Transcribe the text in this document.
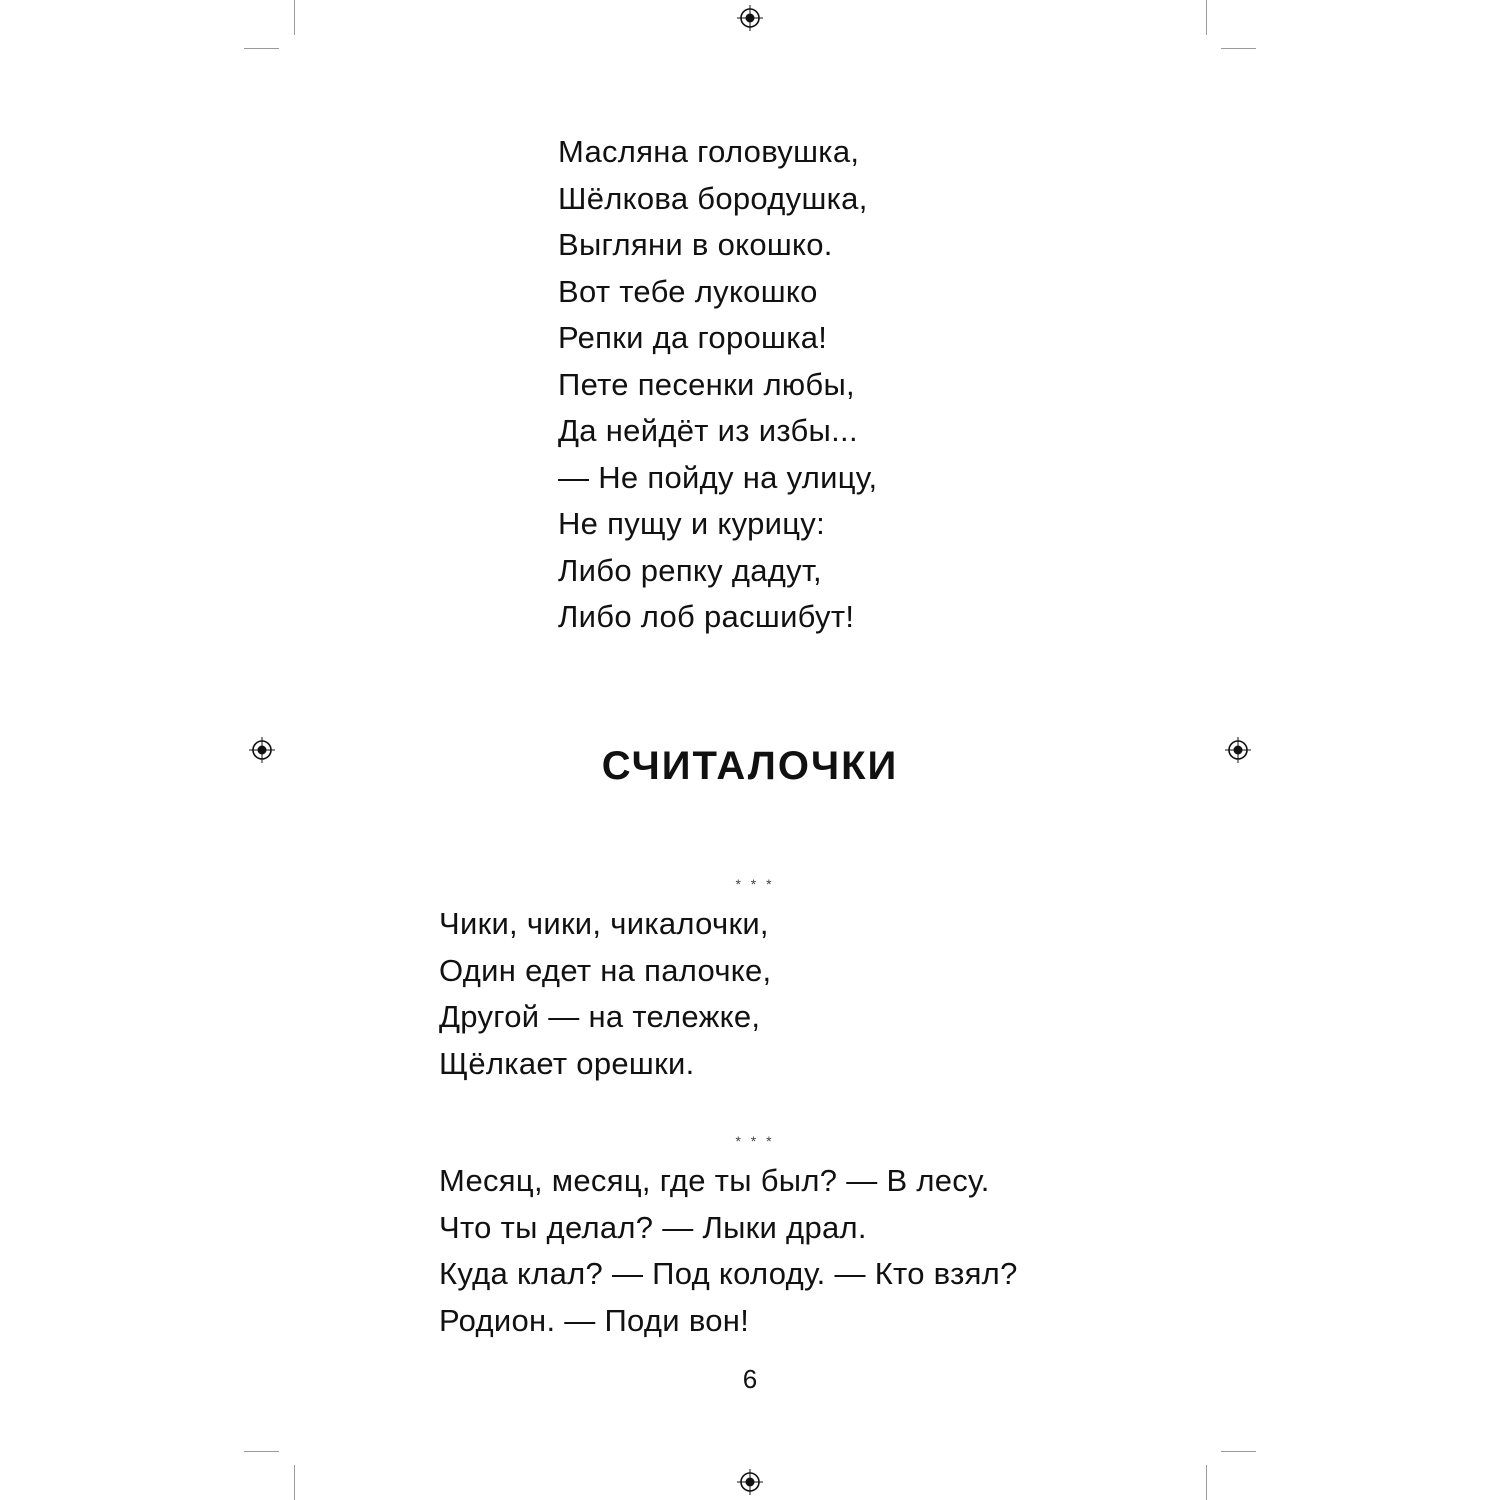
Масляна головушка,
Шёлкова бородушка,
Выгляни в окошко.
Вот тебе лукошко
Репки да горошка!
Пете песенки любы,
Да нейдёт из избы...
— Не пойду на улицу,
Не пущу и курицу:
Либо репку дадут,
Либо лоб расшибут!
СЧИТАЛОЧКИ
* * *
Чики, чики, чикалочки,
Один едет на палочке,
Другой — на тележке,
Щёлкает орешки.
* * *
Месяц, месяц, где ты был? — В лесу.
Что ты делал? — Лыки драл.
Куда клал? — Под колоду. — Кто взял?
Родион. — Поди вон!
6
